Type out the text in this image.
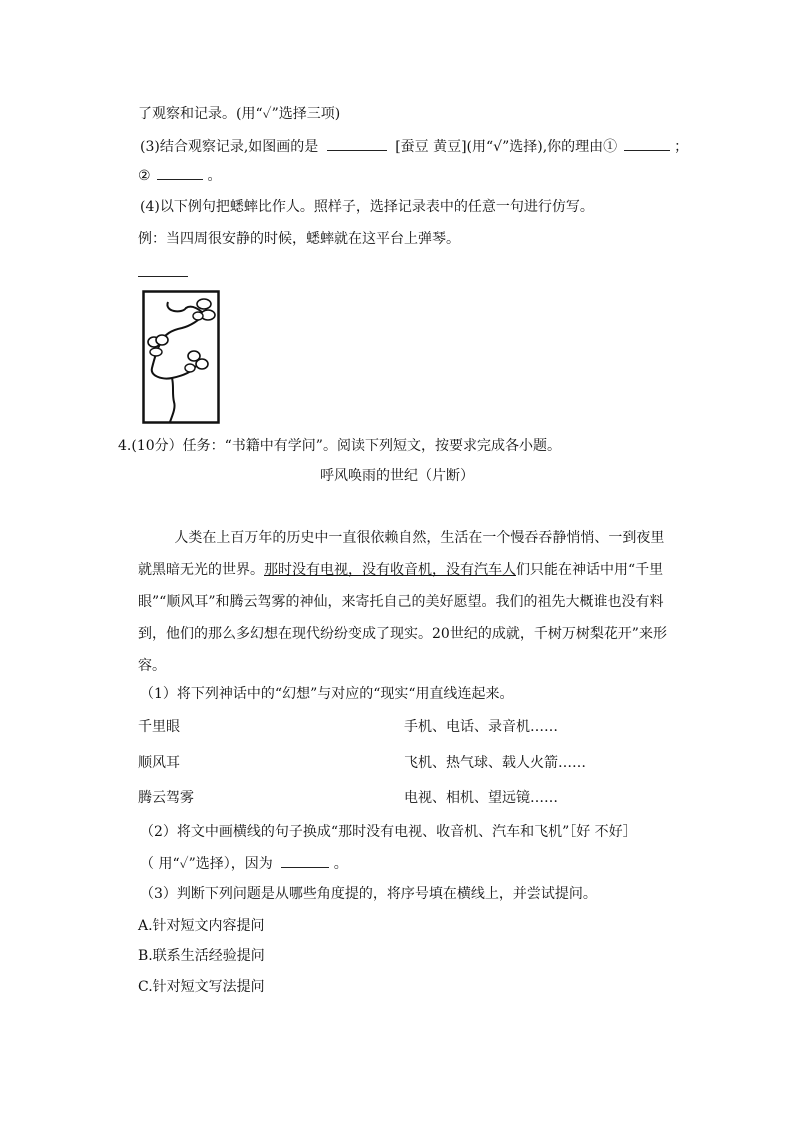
了观察和记录。(用“✓”选择三项)
(3)结合观察记录,如图画的是	[蚕豆 黄豆](用“√”选择),你的理由①	；
②	。
(4)以下例句把蟋蟀比作人。照样子，选择记录表中的任意一句进行仿写。
例：当四周很安静的时候，蟋蟀就在这平台上弹琴。
4.(10分）任务：“书籍中有学问”。阅读下列短文，按要求完成各小题。
呼风唤雨的世纪（片断）
人类在上百万年的历史中一直很依赖自然，生活在一个慢吞吞静悄悄、一到夜里就黑暗无光的世界。那时没有电视，没有收音机，没有汽车人们只能在神话中用“千里眼”“顺风耳”和腾云驾雾的神仙，来寄托自己的美好愿望。我们的祖先大概谁也没有料到，他们的那么多幻想在现代纷纷变成了现实。20世纪的成就，千树万树梨花开”来形容。
（1）将下列神话中的“幻想”与对应的“现实“用直线连起来。
千里眼	手机、电话、录音机……
顺风耳	飞机、热气球、载人火箭……
腾云驾雾	电视、相机、望远镜……
（2）将文中画横线的句子换成“那时没有电视、收音机、汽车和飞机”［好 不好］
（ 用“✓”选择），因为	。
（3）判断下列问题是从哪些角度提的，将序号填在横线上，并尝试提问。
A.针对短文内容提问
B.联系生活经验提问
C.针对短文写法提问
